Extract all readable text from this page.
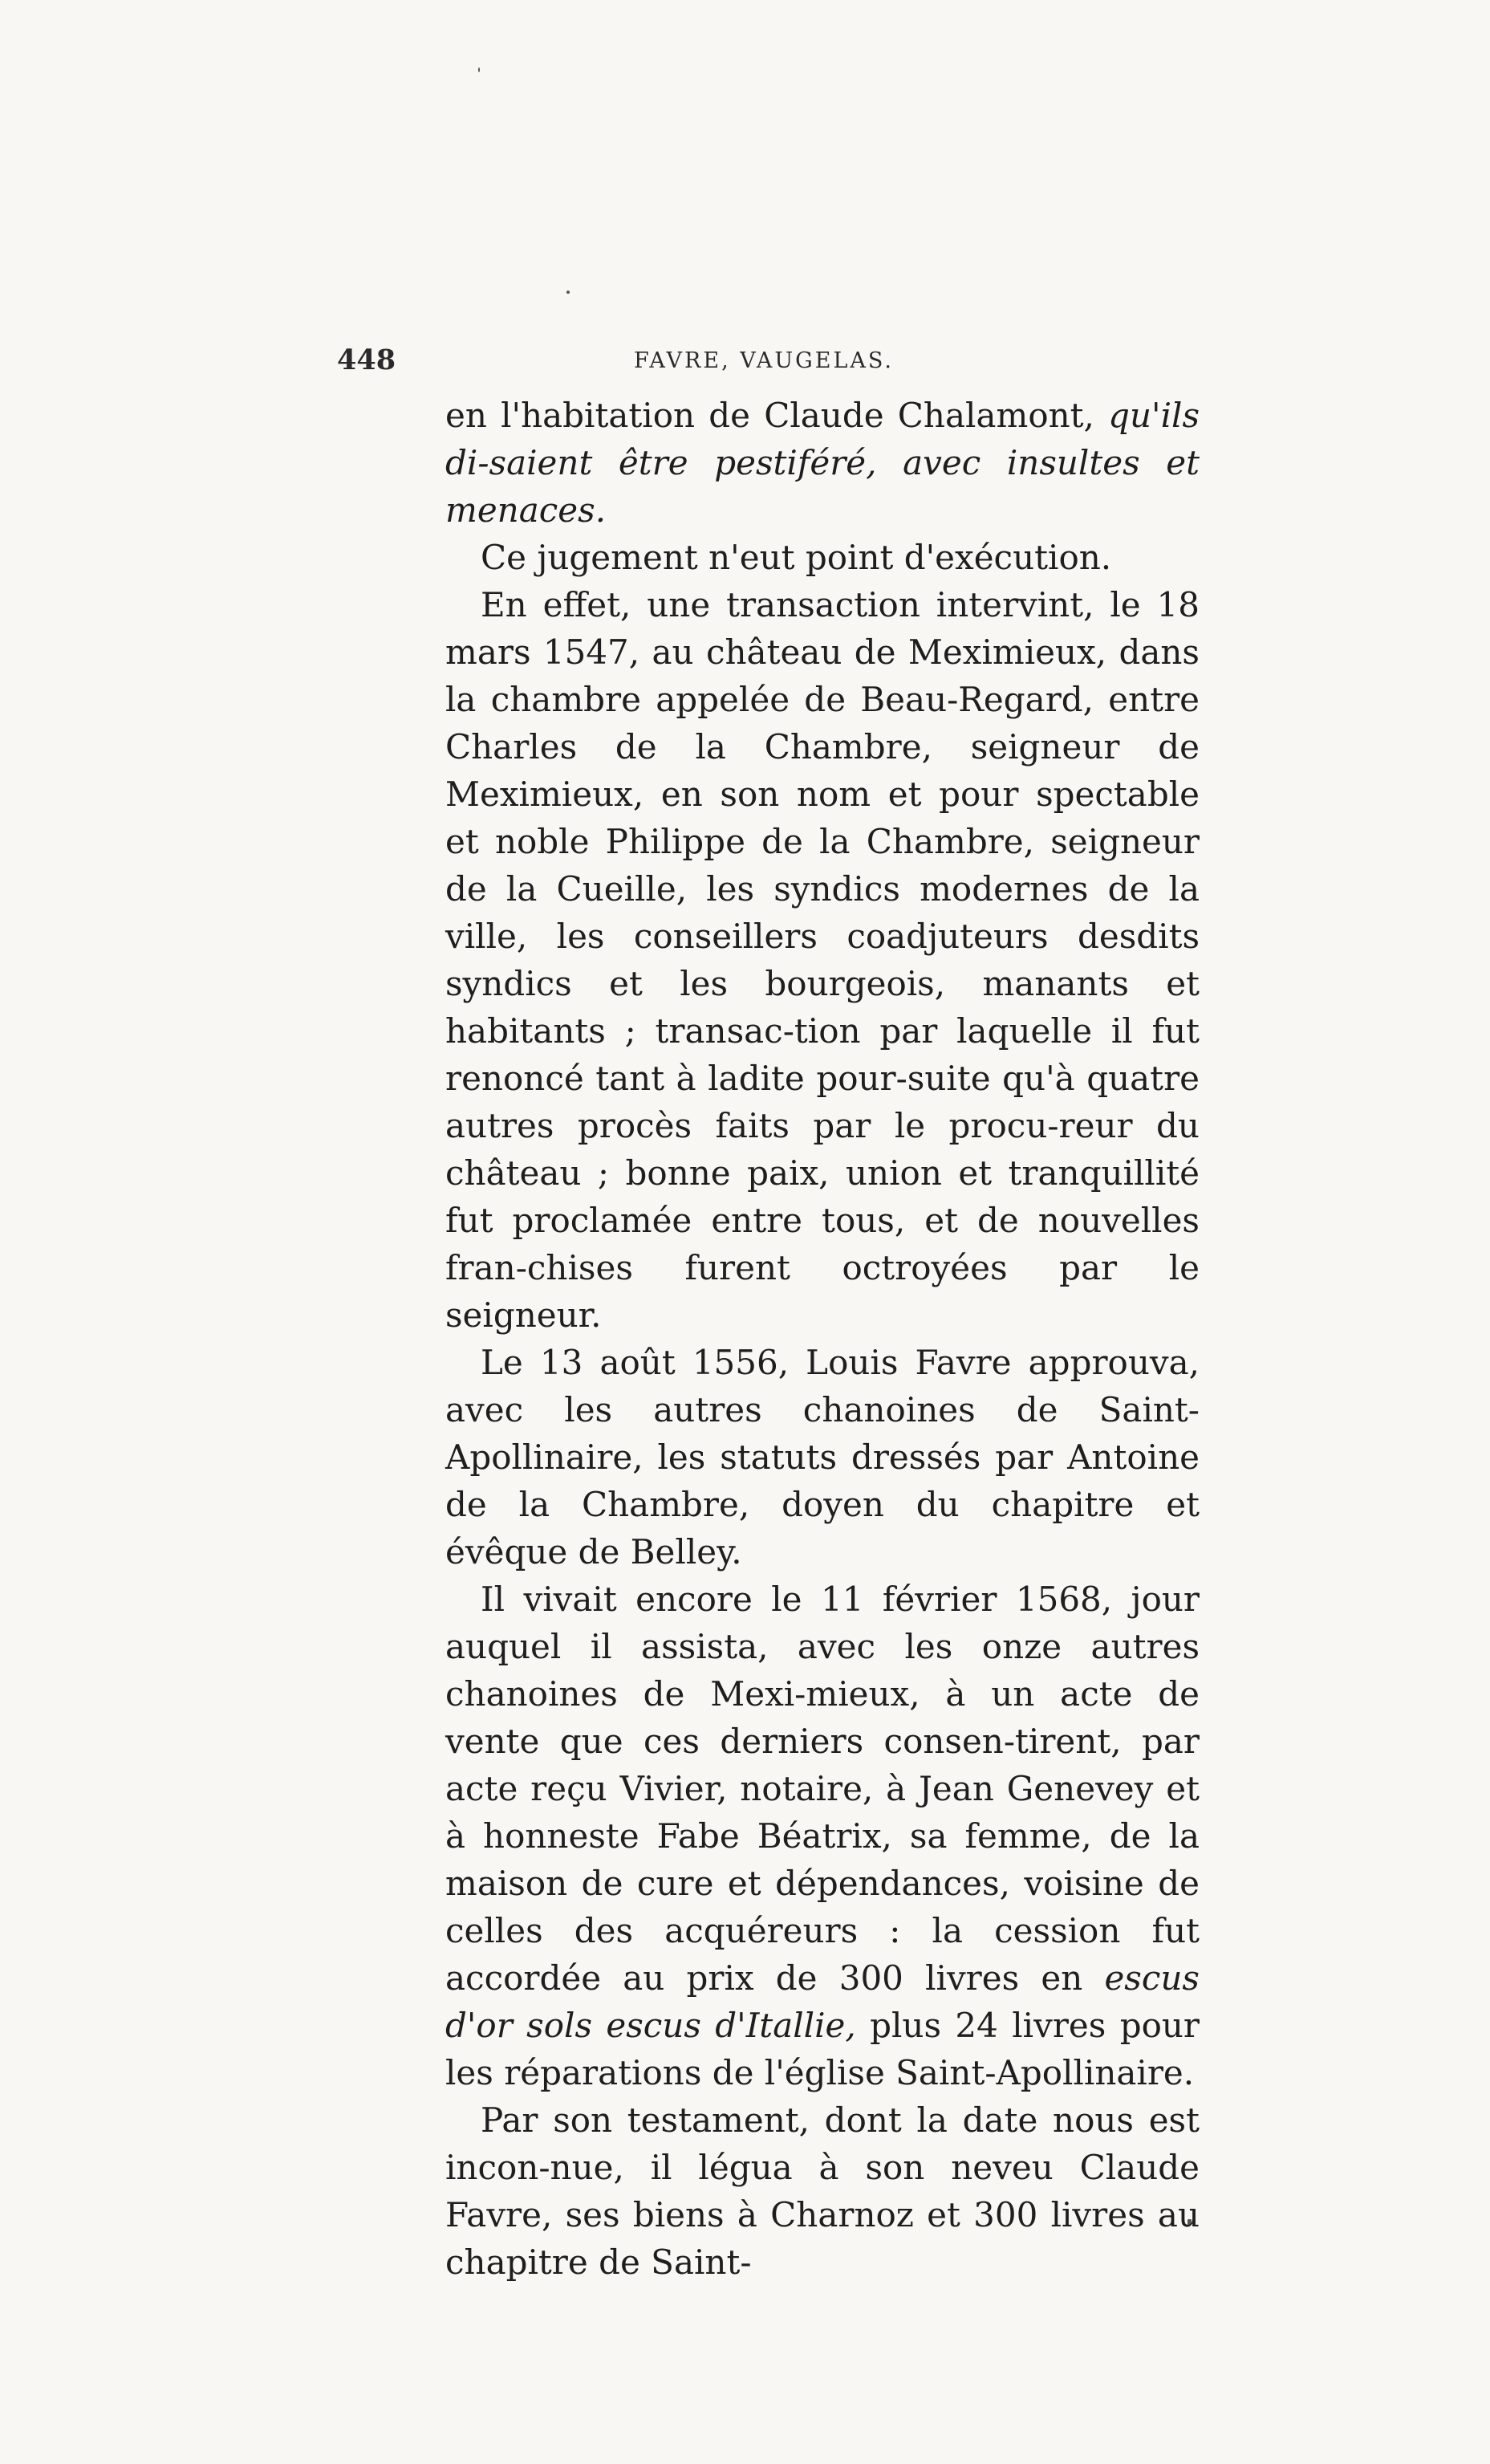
448	FAVRE, VAUGELAS.

en l'habitation de Claude Chalamont, qu'ils di-saient être pestiféré, avec insultes et menaces.

Ce jugement n'eut point d'exécution.

En effet, une transaction intervint, le 18 mars 1547, au château de Meximieux, dans la chambre appelée de Beau-Regard, entre Charles de la Chambre, seigneur de Meximieux, en son nom et pour spectable et noble Philippe de la Chambre, seigneur de la Cueille, les syndics modernes de la ville, les conseillers coadjuteurs desdits syndics et les bourgeois, manants et habitants ; transac-tion par laquelle il fut renoncé tant à ladite pour-suite qu'à quatre autres procès faits par le procu-reur du château ; bonne paix, union et tranquillité fut proclamée entre tous, et de nouvelles fran-chises furent octroyées par le seigneur.

Le 13 août 1556, Louis Favre approuva, avec les autres chanoines de Saint-Apollinaire, les statuts dressés par Antoine de la Chambre, doyen du chapitre et évêque de Belley.

Il vivait encore le 11 février 1568, jour auquel il assista, avec les onze autres chanoines de Mexi-mieux, à un acte de vente que ces derniers consen-tirent, par acte reçu Vivier, notaire, à Jean Genevey et à honneste Fabe Béatrix, sa femme, de la maison de cure et dépendances, voisine de celles des acquéreurs : la cession fut accordée au prix de 300 livres en escus d'or sols escus d'Itallie, plus 24 livres pour les réparations de l'église Saint-Apollinaire.

Par son testament, dont la date nous est incon-nue, il légua à son neveu Claude Favre, ses biens à Charnoz et 300 livres au chapitre de Saint-
